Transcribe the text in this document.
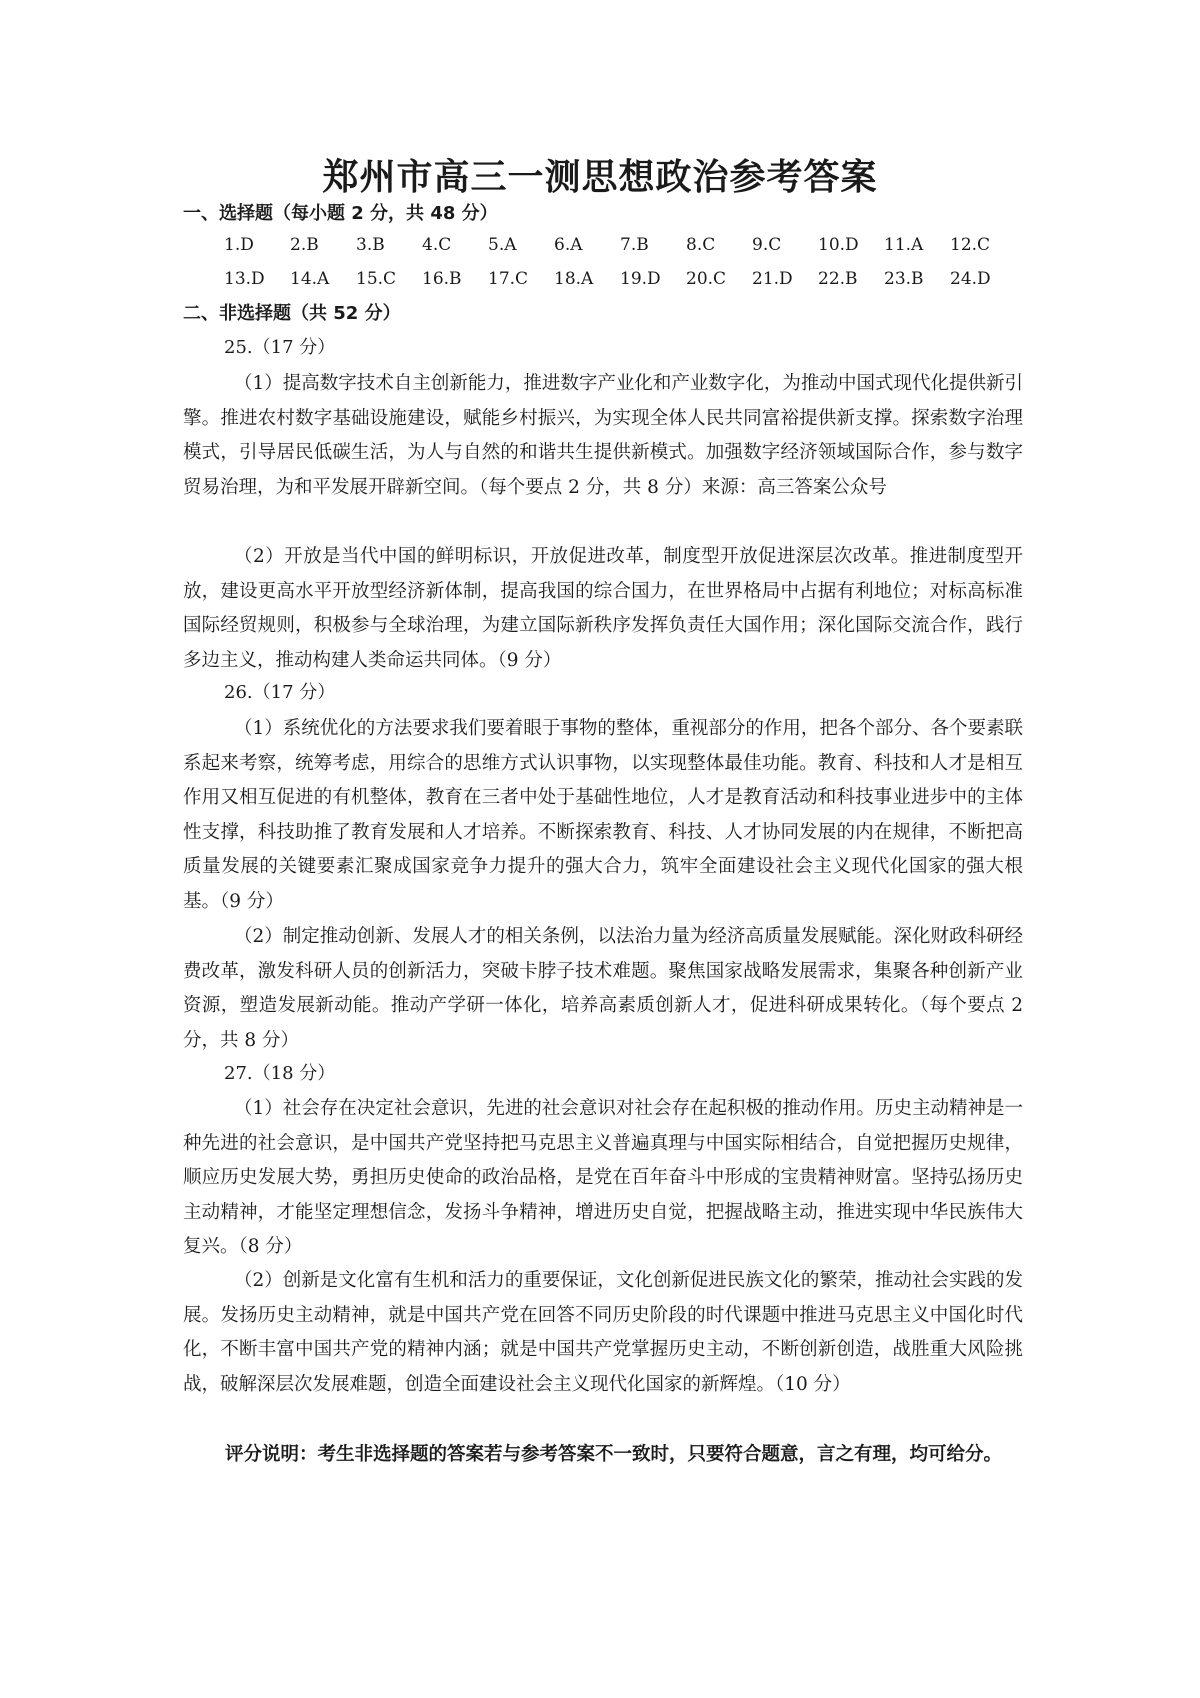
郑州市高三一测思想政治参考答案
一、选择题（每小题 2 分，共 48 分）
1.D	2.B	3.B	4.C	5.A	6.A	7.B	8.C	9.C	10.D	11.A	12.C
13.D	14.A	15.C	16.B	17.C	18.A	19.D	20.C	21.D	22.B	23.B	24.D
二、非选择题（共 52 分）
25.（17 分）

（1）提高数字技术自主创新能力，推进数字产业化和产业数字化，为推动中国式现代化提供新引擎。推进农村数字基础设施建设，赋能乡村振兴，为实现全体人民共同富裕提供新支撑。探索数字治理模式，引导居民低碳生活，为人与自然的和谐共生提供新模式。加强数字经济领域国际合作，参与数字贸易治理，为和平发展开辟新空间。（每个要点 2 分，共 8 分）来源：高三答案公众号

（2）开放是当代中国的鲜明标识，开放促进改革，制度型开放促进深层次改革。推进制度型开放，建设更高水平开放型经济新体制，提高我国的综合国力，在世界格局中占据有利地位；对标高标准国际经贸规则，积极参与全球治理，为建立国际新秩序发挥负责任大国作用；深化国际交流合作，践行多边主义，推动构建人类命运共同体。（9 分）

26.（17 分）

（1）系统优化的方法要求我们要着眼于事物的整体，重视部分的作用，把各个部分、各个要素联系起来考察，统筹考虑，用综合的思维方式认识事物，以实现整体最佳功能。教育、科技和人才是相互作用又相互促进的有机整体，教育在三者中处于基础性地位，人才是教育活动和科技事业进步中的主体性支撑，科技助推了教育发展和人才培养。不断探索教育、科技、人才协同发展的内在规律，不断把高质量发展的关键要素汇聚成国家竞争力提升的强大合力，筑牢全面建设社会主义现代化国家的强大根基。（9 分）

（2）制定推动创新、发展人才的相关条例，以法治力量为经济高质量发展赋能。深化财政科研经费改革，激发科研人员的创新活力，突破卡脖子技术难题。聚焦国家战略发展需求，集聚各种创新产业资源，塑造发展新动能。推动产学研一体化，培养高素质创新人才，促进科研成果转化。（每个要点 2 分，共 8 分）

27.（18 分）

（1）社会存在决定社会意识，先进的社会意识对社会存在起积极的推动作用。历史主动精神是一种先进的社会意识，是中国共产党坚持把马克思主义普遍真理与中国实际相结合，自觉把握历史规律，顺应历史发展大势，勇担历史使命的政治品格，是党在百年奋斗中形成的宝贵精神财富。坚持弘扬历史主动精神，才能坚定理想信念，发扬斗争精神，增进历史自觉，把握战略主动，推进实现中华民族伟大复兴。（8 分）

（2）创新是文化富有生机和活力的重要保证，文化创新促进民族文化的繁荣，推动社会实践的发展。发扬历史主动精神，就是中国共产党在回答不同历史阶段的时代课题中推进马克思主义中国化时代化，不断丰富中国共产党的精神内涵；就是中国共产党掌握历史主动，不断创新创造，战胜重大风险挑战，破解深层次发展难题，创造全面建设社会主义现代化国家的新辉煌。（10 分）

评分说明：考生非选择题的答案若与参考答案不一致时，只要符合题意，言之有理，均可给分。
